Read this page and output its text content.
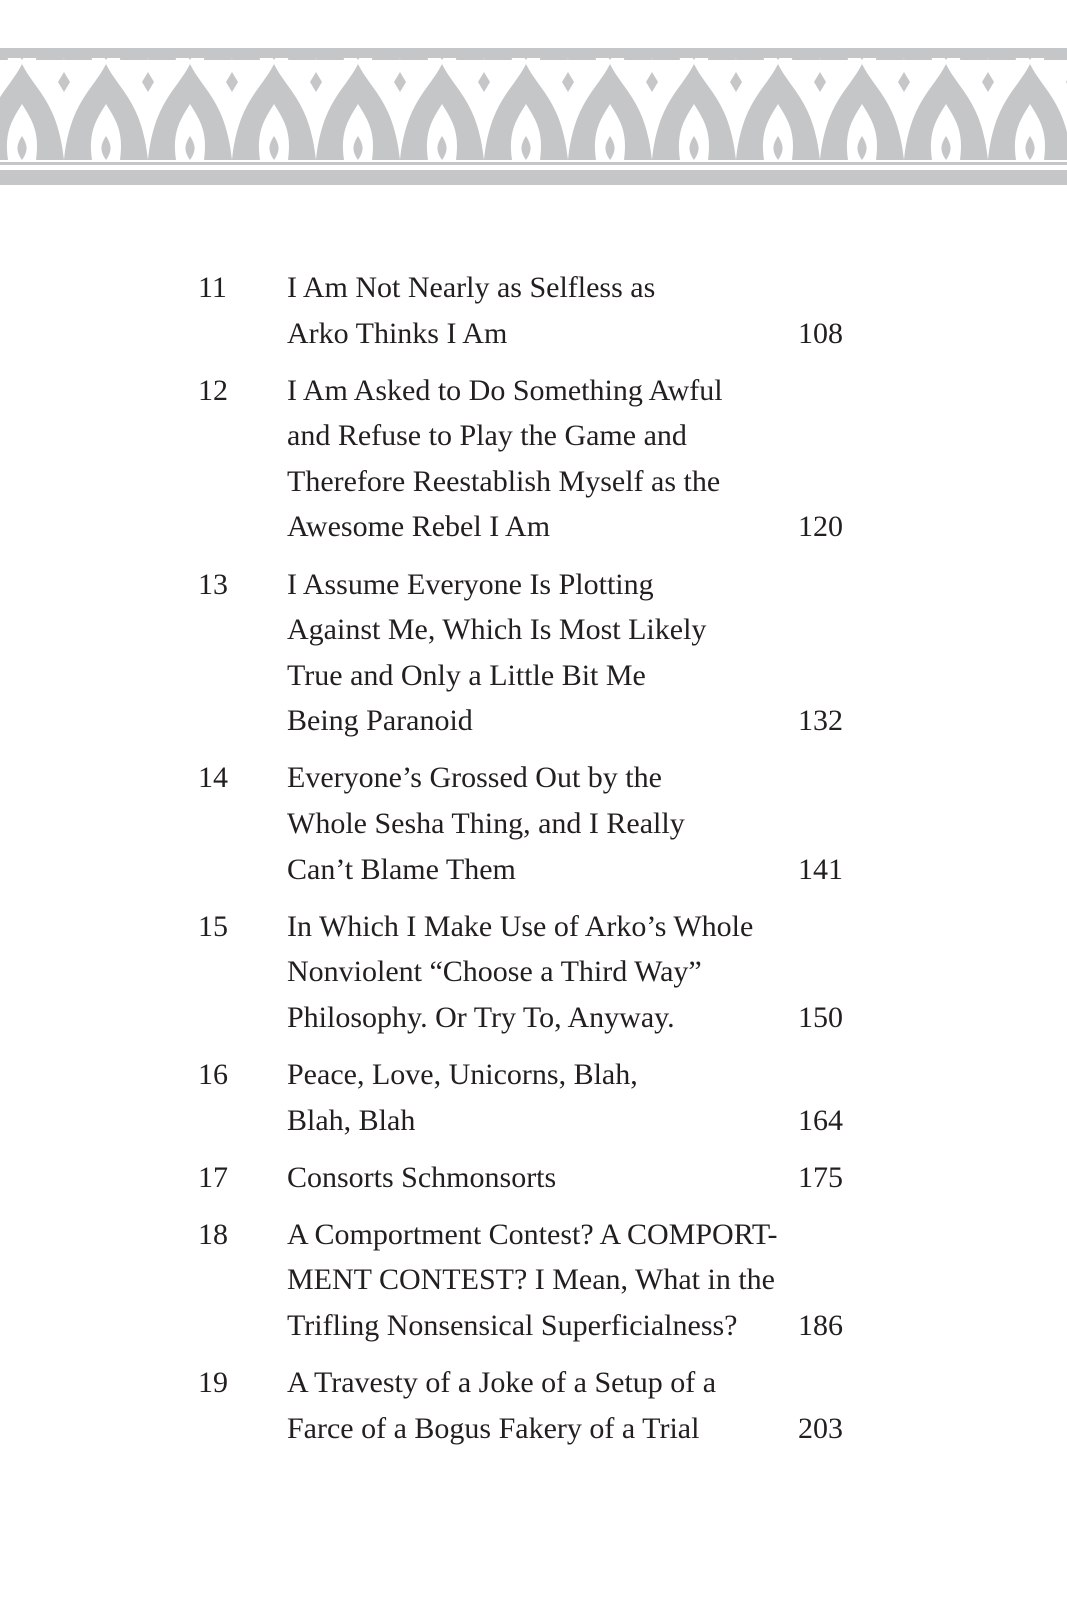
11 I Am Not Nearly as Selfless as
Arko Thinks I Am	108
12 I Am Asked to Do Something Awful
and Refuse to Play the Game and
Therefore Reestablish Myself as the
Awesome Rebel I Am	120
13 I Assume Everyone Is Plotting
Against Me, Which Is Most Likely
True and Only a Little Bit Me
Being Paranoid	132
14 Everyone’s Grossed Out by the
Whole Sesha Thing, and I Really
Can’t Blame Them	141
15 In Which I Make Use of Arko’s Whole
Nonviolent “Choose a Third Way”
Philosophy. Or Try To, Anyway.	150
16 Peace, Love, Unicorns, Blah,
Blah, Blah	164
17 Consorts Schmonsorts	175
18 A Comportment Contest? A COMPORT-
MENT CONTEST? I Mean, What in the
Trifling Nonsensical Superficialness?	186
19 A Travesty of a Joke of a Setup of a
Farce of a Bogus Fakery of a Trial	203
